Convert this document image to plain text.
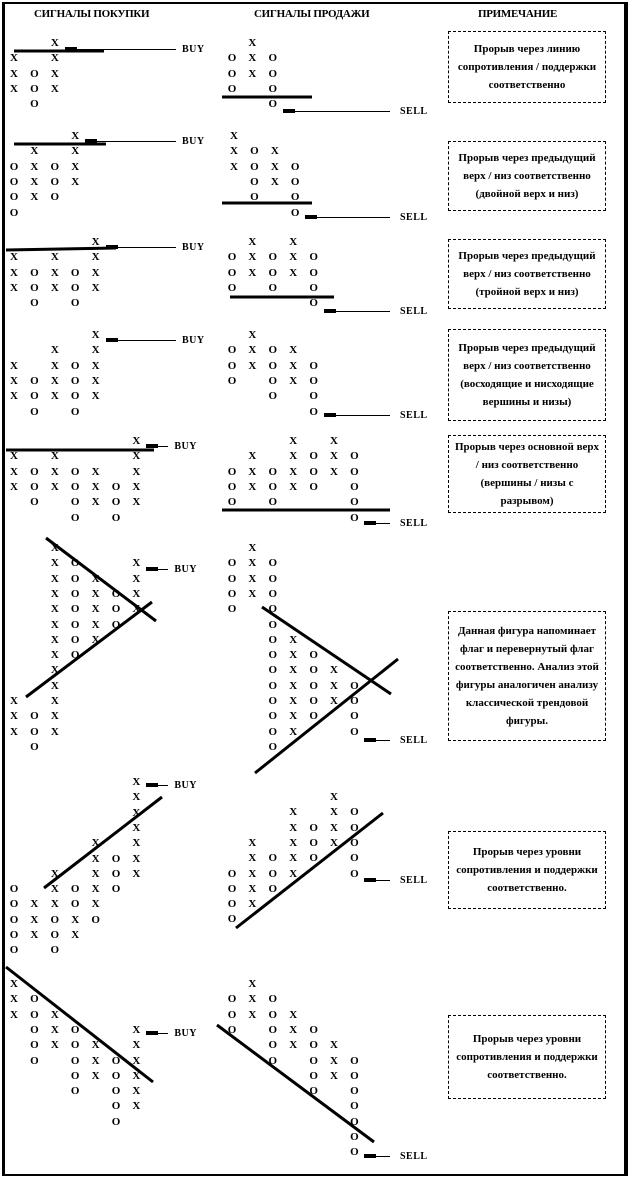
СИГНАЛЫ ПОКУПКИ	СИГНАЛЫ ПРОДАЖИ	ПРИМЕЧАНИЕ
X
X	X
X O X
X O X
O
X
O X O
O X O
O	O
O
X
X	X
O X O X
O X O X
O X O
O
X
X O X
X O X O
O X O
O	O
O
X
X	X	X
X O X O X
X O X O X
O	O
X	X
O X O X O
O X O X O
O	O	O
O
X
X	X
X	X O X
X O X O X
X O X O X
O	O
X
O X O X
O X O X O
O	O X O
O	O
O
X
X	X	X
X O X O X	X
X O X O X O X
O	O X O X
O	O
X	X
X	X O X O
O X O X O X O
O X O X O	O
O	O	O
O
X
X O	X
X O X	X
X O X O X
X O X O X
X O X O
X O X
X O
X
X
X	X
X O X
X O X
O
X
O X O
O X O
O X O
O	O
O
O X
O X O
O X O X
O X O X O
O X O X O
O X O	O
O X	O
O
X
X
X
X
X	X
X O X
X	X O X
O	X O X O
O X X O X
O X O X O
O X O X
O	O
X
X	X O
X O X O
X	X O X O
X O X O	O
O X O X	O
O X O
O X
O
X
X O
X O X
O X O	X
O X O X	X
O	O X O X
O X O X
O	O X
O X
O
X
O X O
O X O X
O	O X O
O X O X
O	O X O
O X O
O	O
O
O
O
O
BUY
SELL
BUY
SELL
BUY
SELL
BUY
SELL
BUY
SELL
BUY
SELL
BUY
SELL
BUY
SELL
Прорыв через линию сопротивления / поддержки соответственно
Прорыв через предыдущий верх / низ соответственно (двойной верх и низ)
Прорыв через предыдущий верх / низ соответственно (тройной верх и низ)
Прорыв через предыдущий верх / низ соответственно (восходящие и нисходящие вершины и низы)
Прорыв через основной верх / низ соответственно (вершины / низы с разрывом)
Данная фигура напоминает флаг и перевернутый флаг соответственно. Анализ этой фигуры аналогичен анализу классической трендовой фигуры.
Прорыв через уровни сопротивления и поддержки соответственно.
Прорыв через уровни сопротивления и поддержки соответственно.
